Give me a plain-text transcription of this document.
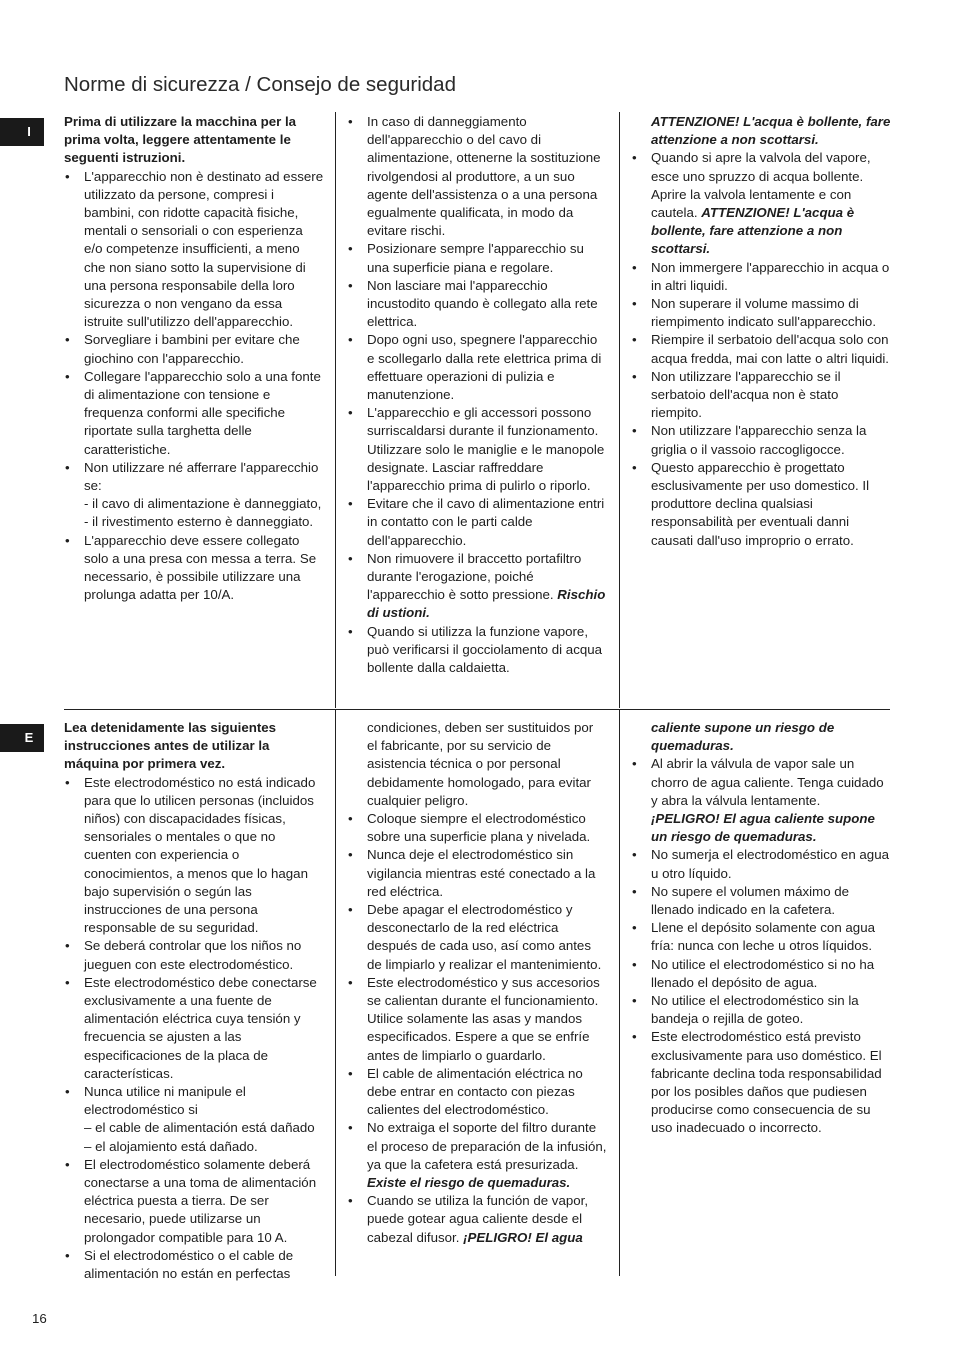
Norme di sicurezza / Consejo de seguridad
I
E

Prima di utilizzare la macchina per la prima volta, leggere attentamente le seguenti istruzioni.

• L'apparecchio non è destinato ad essere utilizzato da persone, compresi i bambini, con ridotte capacità fisiche, mentali o sensoriali o con esperienza e/o competenze insufficienti, a meno che non siano sotto la supervisione di una persona responsabile della loro sicurezza o non vengano da essa istruite sull'utilizzo dell'apparecchio.
• Sorvegliare i bambini per evitare che giochino con l'apparecchio.
• Collegare l'apparecchio solo a una fonte di alimentazione con tensione e frequenza conformi alle specifiche riportate sulla targhetta delle caratteristiche.
• Non utilizzare né afferrare l'apparecchio se:
- il cavo di alimentazione è danneggiato,
- il rivestimento esterno è danneggiato.
• L'apparecchio deve essere collegato solo a una presa con messa a terra. Se necessario, è possibile utilizzare una prolunga adatta per 10/A.
• In caso di danneggiamento dell'apparecchio o del cavo di alimentazione, ottenerne la sostituzione rivolgendosi al produttore, a un suo agente dell'assistenza o a una persona egualmente qualificata, in modo da evitare rischi.
• Posizionare sempre l'apparecchio su una superficie piana e regolare.
• Non lasciare mai l'apparecchio incustodito quando è collegato alla rete elettrica.
• Dopo ogni uso, spegnere l'apparecchio e scollegarlo dalla rete elettrica prima di effettuare operazioni di pulizia e manutenzione.
• L'apparecchio e gli accessori possono surriscaldarsi durante il funzionamento. Utilizzare solo le maniglie e le manopole designate. Lasciar raffreddare l'apparecchio prima di pulirlo o riporlo.
• Evitare che il cavo di alimentazione entri in contatto con le parti calde dell'apparecchio.
• Non rimuovere il braccetto portafiltro durante l'erogazione, poiché l'apparecchio è sotto pressione. Rischio di ustioni.
• Quando si utilizza la funzione vapore, può verificarsi il gocciolamento di acqua bollente dalla caldaietta.
ATTENZIONE! L'acqua è bollente, fare attenzione a non scottarsi.
• Quando si apre la valvola del vapore, esce uno spruzzo di acqua bollente. Aprire la valvola lentamente e con cautela. ATTENZIONE! L'acqua è bollente, fare attenzione a non scottarsi.
• Non immergere l'apparecchio in acqua o in altri liquidi.
• Non superare il volume massimo di riempimento indicato sull'apparecchio.
• Riempire il serbatoio dell'acqua solo con acqua fredda, mai con latte o altri liquidi.
• Non utilizzare l'apparecchio se il serbatoio dell'acqua non è stato riempito.
• Non utilizzare l'apparecchio senza la griglia o il vassoio raccogligocce.
• Questo apparecchio è progettato esclusivamente per uso domestico. Il produttore declina qualsiasi responsabilità per eventuali danni causati dall'uso improprio o errato.

Lea detenidamente las siguientes instrucciones antes de utilizar la máquina por primera vez.

• Este electrodoméstico no está indicado para que lo utilicen personas (incluidos niños) con discapacidades físicas, sensoriales o mentales o que no cuenten con experiencia o conocimientos, a menos que lo hagan bajo supervisión o según las instrucciones de una persona responsable de su seguridad.
• Se deberá controlar que los niños no jueguen con este electrodoméstico.
• Este electrodoméstico debe conectarse exclusivamente a una fuente de alimentación eléctrica cuya tensión y frecuencia se ajusten a las especificaciones de la placa de características.
• Nunca utilice ni manipule el electrodoméstico si
– el cable de alimentación está dañado
– el alojamiento está dañado.
• El electrodoméstico solamente deberá conectarse a una toma de alimentación eléctrica puesta a tierra. De ser necesario, puede utilizarse un prolongador compatible para 10 A.
• Si el electrodoméstico o el cable de alimentación no están en perfectas
condiciones, deben ser sustituidos por el fabricante, por su servicio de asistencia técnica o por personal debidamente homologado, para evitar cualquier peligro.
• Coloque siempre el electrodoméstico sobre una superficie plana y nivelada.
• Nunca deje el electrodoméstico sin vigilancia mientras esté conectado a la red eléctrica.
• Debe apagar el electrodoméstico y desconectarlo de la red eléctrica después de cada uso, así como antes de limpiarlo y realizar el mantenimiento.
• Este electrodoméstico y sus accesorios se calientan durante el funcionamiento. Utilice solamente las asas y mandos especificados. Espere a que se enfríe antes de limpiarlo o guardarlo.
• El cable de alimentación eléctrica no debe entrar en contacto con piezas calientes del electrodoméstico.
• No extraiga el soporte del filtro durante el proceso de preparación de la infusión, ya que la cafetera está presurizada. Existe el riesgo de quemaduras.
• Cuando se utiliza la función de vapor, puede gotear agua caliente desde el cabezal difusor. ¡PELIGRO! El agua
caliente supone un riesgo de quemaduras.
• Al abrir la válvula de vapor sale un chorro de agua caliente. Tenga cuidado y abra la válvula lentamente. ¡PELIGRO! El agua caliente supone un riesgo de quemaduras.
• No sumerja el electrodoméstico en agua u otro líquido.
• No supere el volumen máximo de llenado indicado en la cafetera.
• Llene el depósito solamente con agua fría: nunca con leche u otros líquidos.
• No utilice el electrodoméstico si no ha llenado el depósito de agua.
• No utilice el electrodoméstico sin la bandeja o rejilla de goteo.
• Este electrodoméstico está previsto exclusivamente para uso doméstico. El fabricante declina toda responsabilidad por los posibles daños que pudiesen producirse como consecuencia de su uso inadecuado o incorrecto.
16
